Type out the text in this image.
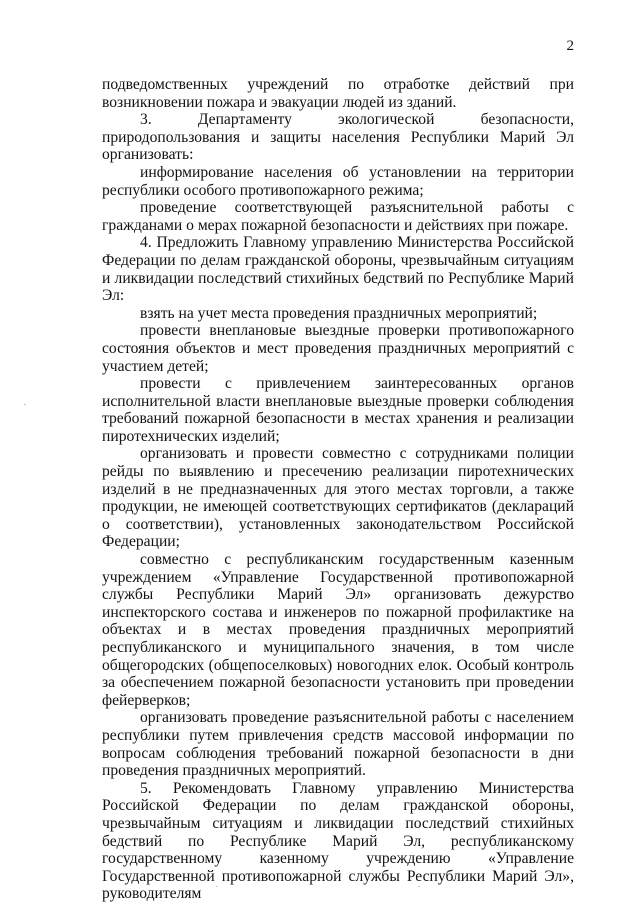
2

подведомственных учреждений по отработке действий при возникновении пожара и эвакуации людей из зданий.

3. Департаменту экологической безопасности, природопользования и защиты населения Республики Марий Эл организовать:

информирование населения об установлении на территории республики особого противопожарного режима;

проведение соответствующей разъяснительной работы с гражданами о мерах пожарной безопасности и действиях при пожаре.

4. Предложить Главному управлению Министерства Российской Федерации по делам гражданской обороны, чрезвычайным ситуациям и ликвидации последствий стихийных бедствий по Республике Марий Эл:

взять на учет места проведения праздничных мероприятий;

провести внеплановые выездные проверки противопожарного состояния объектов и мест проведения праздничных мероприятий с участием детей;

провести с привлечением заинтересованных органов исполнительной власти внеплановые выездные проверки соблюдения требований пожарной безопасности в местах хранения и реализации пиротехнических изделий;

организовать и провести совместно с сотрудниками полиции рейды по выявлению и пресечению реализации пиротехнических изделий в не предназначенных для этого местах торговли, а также продукции, не имеющей соответствующих сертификатов (деклараций о соответствии), установленных законодательством Российской Федерации;

совместно с республиканским государственным казенным учреждением «Управление Государственной противопожарной службы Республики Марий Эл» организовать дежурство инспекторского состава и инженеров по пожарной профилактике на объектах и в местах проведения праздничных мероприятий республиканского и муниципального значения, в том числе общегородских (общепоселковых) новогодних елок. Особый контроль за обеспечением пожарной безопасности установить при проведении фейерверков;

организовать проведение разъяснительной работы с населением республики путем привлечения средств массовой информации по вопросам соблюдения требований пожарной безопасности в дни проведения праздничных мероприятий.

5. Рекомендовать Главному управлению Министерства Российской Федерации по делам гражданской обороны, чрезвычайным ситуациям и ликвидации последствий стихийных бедствий по Республике Марий Эл, республиканскому государственному казенному учреждению «Управление Государственной противопожарной службы Республики Марий Эл», руководителям
